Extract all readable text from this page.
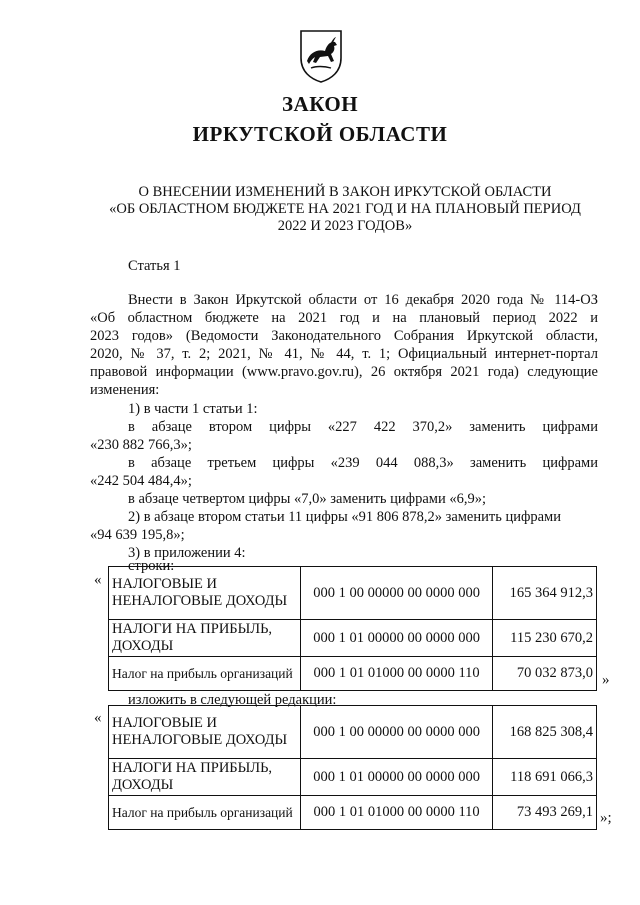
ЗАКОН
ИРКУТСКОЙ ОБЛАСТИ
О ВНЕСЕНИИ ИЗМЕНЕНИЙ В ЗАКОН ИРКУТСКОЙ ОБЛАСТИ
«ОБ ОБЛАСТНОМ БЮДЖЕТЕ НА 2021 ГОД И НА ПЛАНОВЫЙ ПЕРИОД
2022 И 2023 ГОДОВ»
Статья 1
Внести в Закон Иркутской области от 16 декабря 2020 года № 114-ОЗ
«Об областном бюджете на 2021 год и на плановый период 2022 и
2023 годов» (Ведомости Законодательного Собрания Иркутской области,
2020, № 37, т. 2; 2021, № 41, № 44, т. 1; Официальный интернет-портал
правовой информации (www.pravo.gov.ru), 26 октября 2021 года) следующие
изменения:
1) в части 1 статьи 1:
в абзаце втором цифры «227 422 370,2» заменить цифрами
«230 882 766,3»;
в абзаце третьем цифры «239 044 088,3» заменить цифрами
«242 504 484,4»;
в абзаце четвертом цифры «7,0» заменить цифрами «6,9»;
2) в абзаце втором статьи 11 цифры «91 806 878,2» заменить цифрами
«94 639 195,8»;
3) в приложении 4:
строки:
« НАЛОГОВЫЕ И НЕНАЛОГОВЫЕ ДОХОДЫ	000 1 00 00000 00 0000 000	165 364 912,3
НАЛОГИ НА ПРИБЫЛЬ, ДОХОДЫ	000 1 01 00000 00 0000 000	115 230 670,2
Налог на прибыль организаций	000 1 01 01000 00 0000 110	70 032 873,0 »
изложить в следующей редакции:
« НАЛОГОВЫЕ И НЕНАЛОГОВЫЕ ДОХОДЫ	000 1 00 00000 00 0000 000	168 825 308,4
НАЛОГИ НА ПРИБЫЛЬ, ДОХОДЫ	000 1 01 00000 00 0000 000	118 691 066,3
Налог на прибыль организаций	000 1 01 01000 00 0000 110	73 493 269,1 »;
